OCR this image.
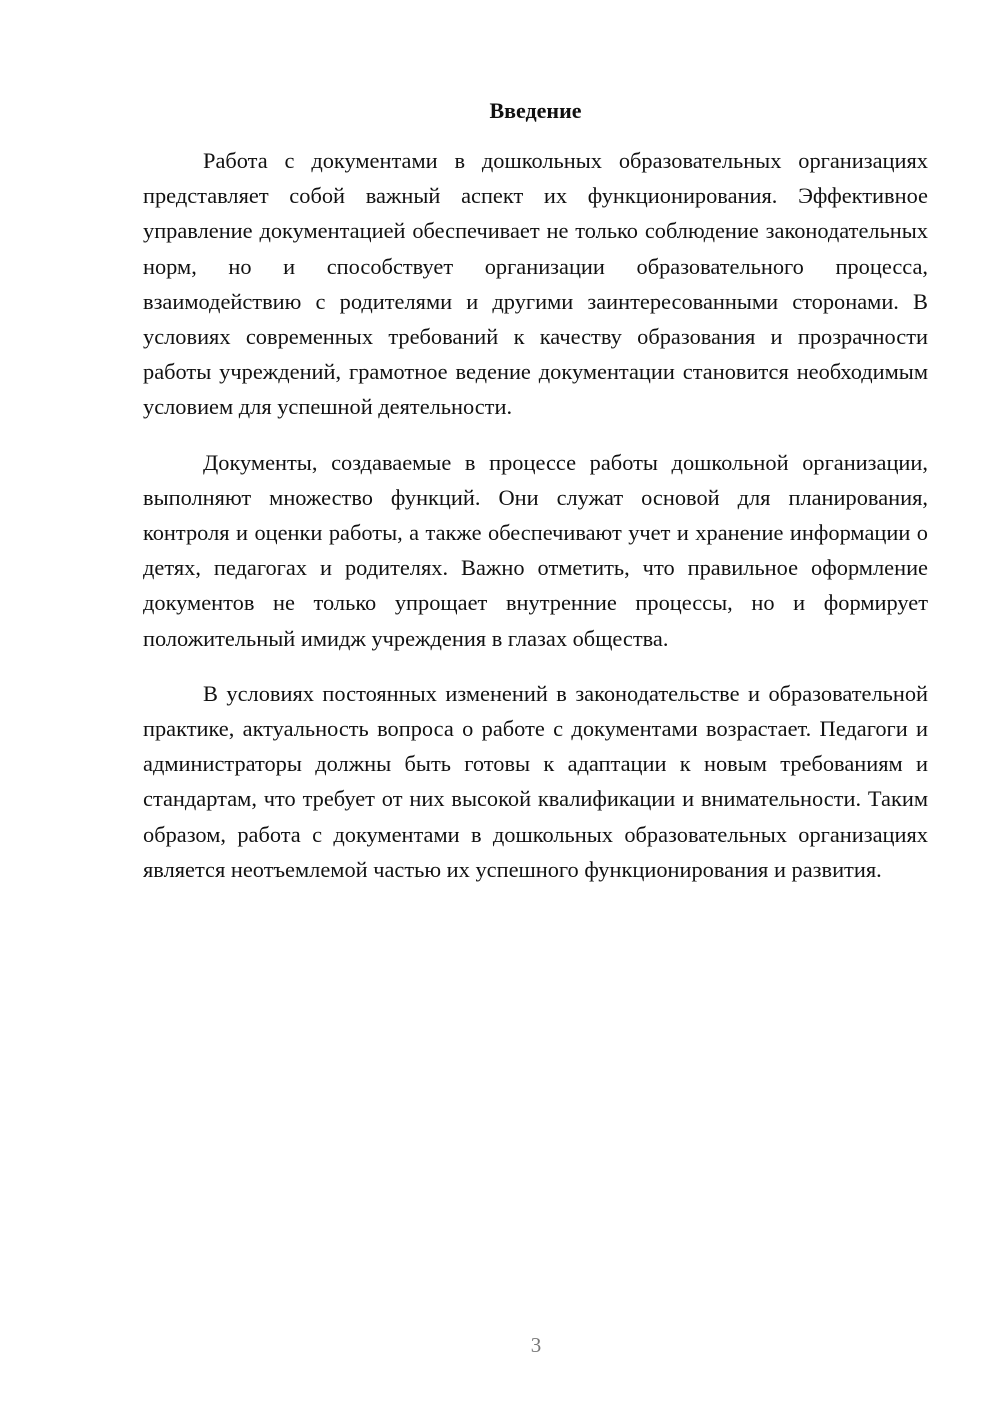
Введение

Работа с документами в дошкольных образовательных организациях представляет собой важный аспект их функционирования. Эффективное управление документацией обеспечивает не только соблюдение законодательных норм, но и способствует организации образовательного процесса, взаимодействию с родителями и другими заинтересованными сторонами. В условиях современных требований к качеству образования и прозрачности работы учреждений, грамотное ведение документации становится необходимым условием для успешной деятельности.

Документы, создаваемые в процессе работы дошкольной организации, выполняют множество функций. Они служат основой для планирования, контроля и оценки работы, а также обеспечивают учет и хранение информации о детях, педагогах и родителях. Важно отметить, что правильное оформление документов не только упрощает внутренние процессы, но и формирует положительный имидж учреждения в глазах общества.

В условиях постоянных изменений в законодательстве и образовательной практике, актуальность вопроса о работе с документами возрастает. Педагоги и администраторы должны быть готовы к адаптации к новым требованиям и стандартам, что требует от них высокой квалификации и внимательности. Таким образом, работа с документами в дошкольных образовательных организациях является неотъемлемой частью их успешного функционирования и развития.

3
